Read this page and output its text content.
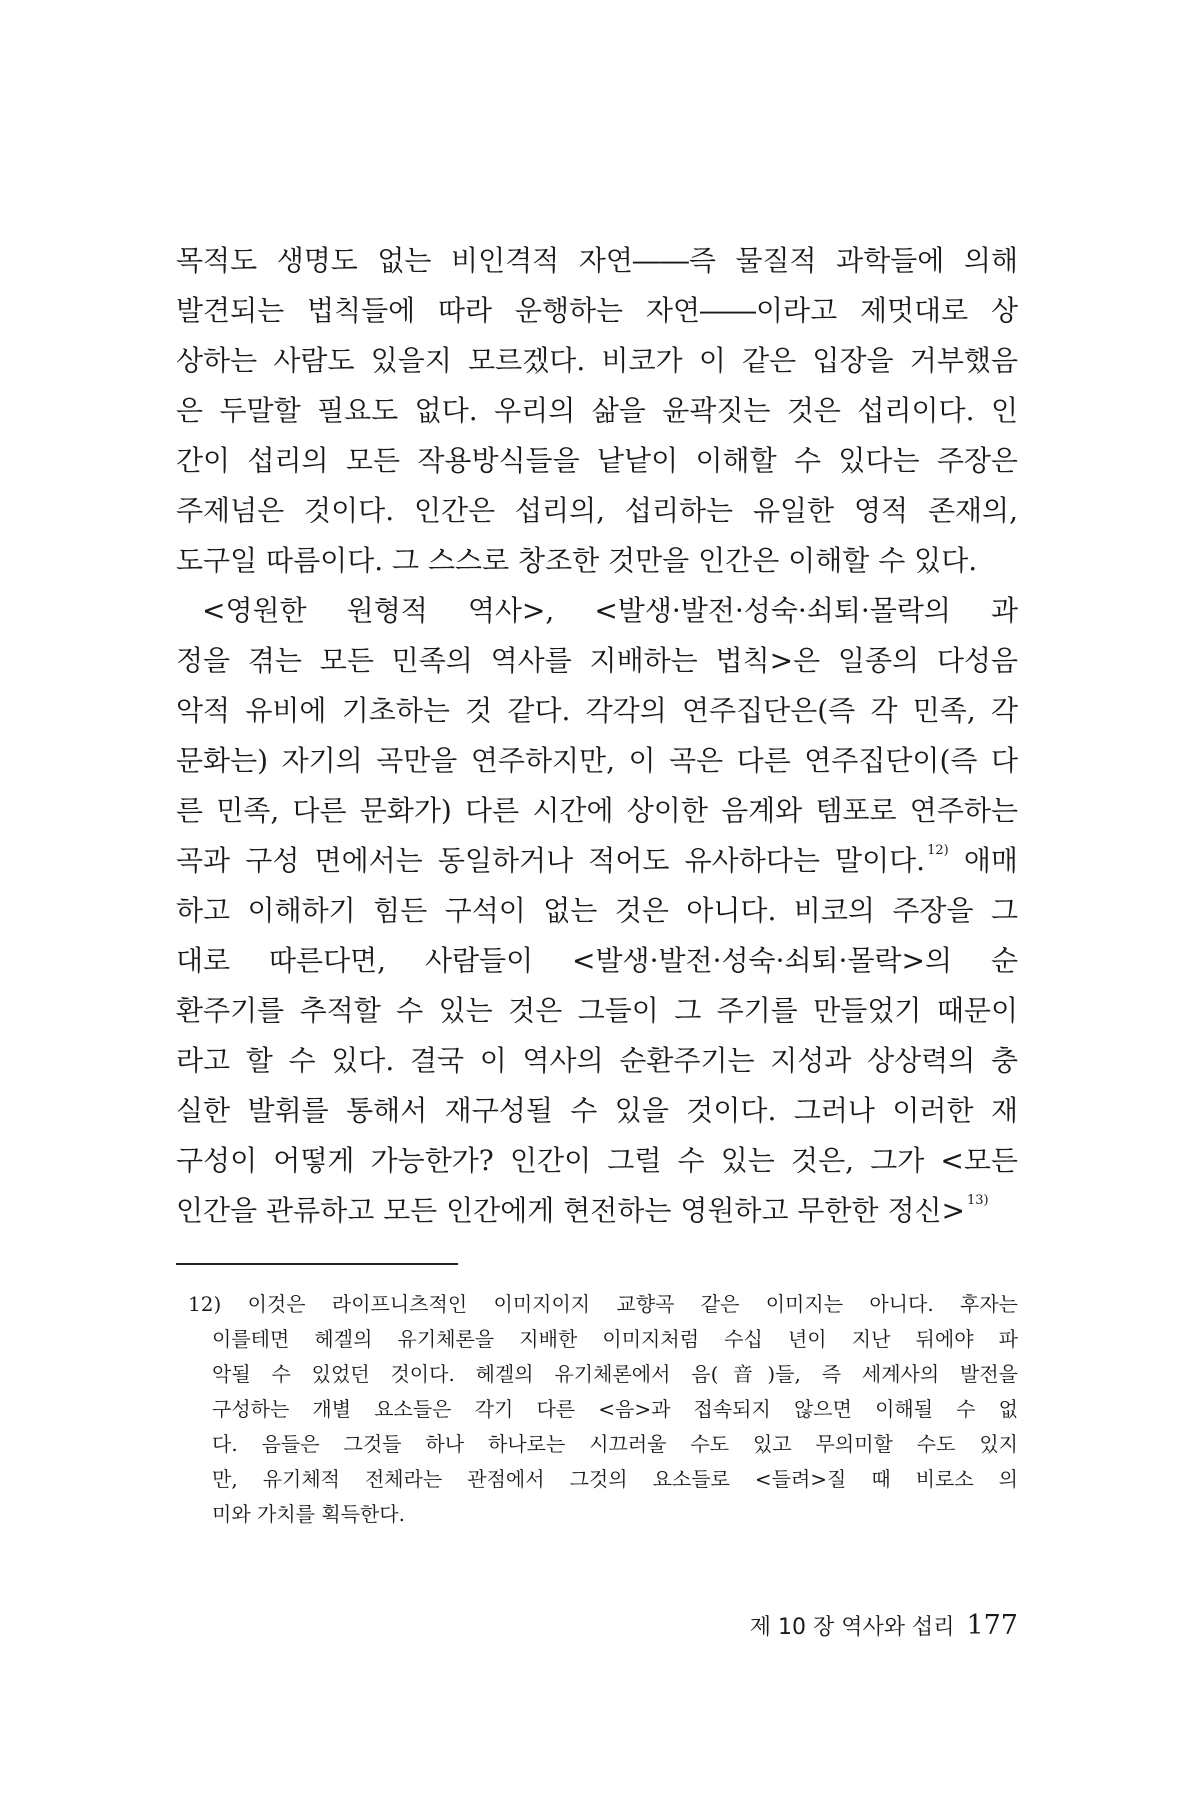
목적도 생명도 없는 비인격적 자연――즉 물질적 과학들에 의해
발견되는 법칙들에 따라 운행하는 자연――이라고 제멋대로 상
상하는 사람도 있을지 모르겠다. 비코가 이 같은 입장을 거부했음
은 두말할 필요도 없다. 우리의 삶을 윤곽짓는 것은 섭리이다. 인
간이 섭리의 모든 작용방식들을 낱낱이 이해할 수 있다는 주장은
주제넘은 것이다. 인간은 섭리의, 섭리하는 유일한 영적 존재의,
도구일 따름이다. 그 스스로 창조한 것만을 인간은 이해할 수 있다.
<영원한 원형적 역사>, <발생·발전·성숙·쇠퇴·몰락의 과
정을 겪는 모든 민족의 역사를 지배하는 법칙>은 일종의 다성음
악적 유비에 기초하는 것 같다. 각각의 연주집단은(즉 각 민족, 각
문화는) 자기의 곡만을 연주하지만, 이 곡은 다른 연주집단이(즉 다
른 민족, 다른 문화가) 다른 시간에 상이한 음계와 템포로 연주하는
곡과 구성 면에서는 동일하거나 적어도 유사하다는 말이다. $^{12)}$ 애매
하고 이해하기 힘든 구석이 없는 것은 아니다. 비코의 주장을 그
대로 따른다면, 사람들이 <발생·발전·성숙·쇠퇴·몰락>의 순
환주기를 추적할 수 있는 것은 그들이 그 주기를 만들었기 때문이
라고 할 수 있다. 결국 이 역사의 순환주기는 지성과 상상력의 충
실한 발휘를 통해서 재구성될 수 있을 것이다. 그러나 이러한 재
구성이 어떻게 가능한가? 인간이 그럴 수 있는 것은, 그가 <모든
인간을 관류하고 모든 인간에게 현전하는 영원하고 무한한 정신> $^{13)}$
12) 이것은 라이프니츠적인 이미지이지 교향곡 같은 이미지는 아니다. 후자는
이를테면 헤겔의 유기체론을 지배한 이미지처럼 수십 년이 지난 뒤에야 파
악될 수 있었던 것이다. 헤겔의 유기체론에서 음(音)들, 즉 세계사의 발전을
구성하는 개별 요소들은 각기 다른 <음>과 접속되지 않으면 이해될 수 없
다. 음들은 그것들 하나 하나로는 시끄러울 수도 있고 무의미할 수도 있지
만, 유기체적 전체라는 관점에서 그것의 요소들로 <들려>질 때 비로소 의
미와 가치를 획득한다.
제 10 장 역사와 섭리 177
